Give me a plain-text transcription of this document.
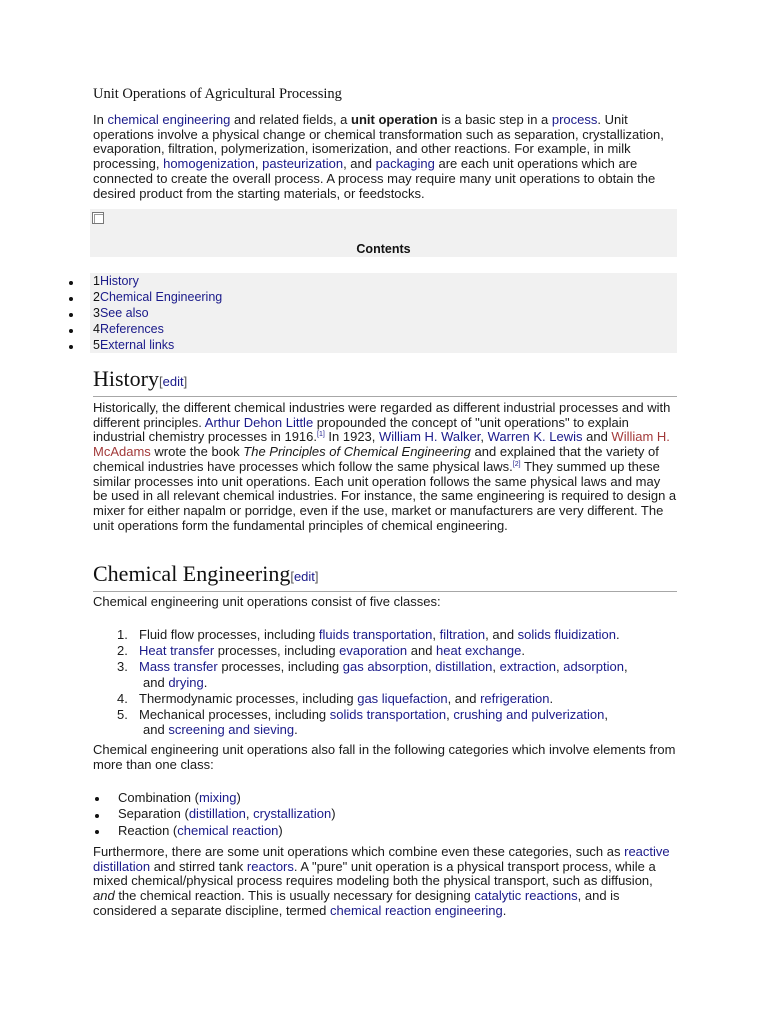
Unit Operations of Agricultural Processing

In chemical engineering and related fields, a unit operation is a basic step in a process. Unit operations involve a physical change or chemical transformation such as separation, crystallization, evaporation, filtration, polymerization, isomerization, and other reactions. For example, in milk processing, homogenization, pasteurization, and packaging are each unit operations which are connected to create the overall process. A process may require many unit operations to obtain the desired product from the starting materials, or feedstocks.

Contents
1History
2Chemical Engineering
3See also
4References
5External links
History[edit]

Historically, the different chemical industries were regarded as different industrial processes and with different principles. Arthur Dehon Little propounded the concept of "unit operations" to explain industrial chemistry processes in 1916.[1] In 1923, William H. Walker, Warren K. Lewis and William H. McAdams wrote the book The Principles of Chemical Engineering and explained that the variety of chemical industries have processes which follow the same physical laws.[2] They summed up these similar processes into unit operations. Each unit operation follows the same physical laws and may be used in all relevant chemical industries. For instance, the same engineering is required to design a mixer for either napalm or porridge, even if the use, market or manufacturers are very different. The unit operations form the fundamental principles of chemical engineering.

Chemical Engineering[edit]

Chemical engineering unit operations consist of five classes:

1. Fluid flow processes, including fluids transportation, filtration, and solids fluidization.
2. Heat transfer processes, including evaporation and heat exchange.
3. Mass transfer processes, including gas absorption, distillation, extraction, adsorption,
and drying.
4. Thermodynamic processes, including gas liquefaction, and refrigeration.
5. Mechanical processes, including solids transportation, crushing and pulverization,
and screening and sieving.

Chemical engineering unit operations also fall in the following categories which involve elements from more than one class:

Combination (mixing)
Separation (distillation, crystallization)
Reaction (chemical reaction)

Furthermore, there are some unit operations which combine even these categories, such as reactive distillation and stirred tank reactors. A "pure" unit operation is a physical transport process, while a mixed chemical/physical process requires modeling both the physical transport, such as diffusion, and the chemical reaction. This is usually necessary for designing catalytic reactions, and is considered a separate discipline, termed chemical reaction engineering.
